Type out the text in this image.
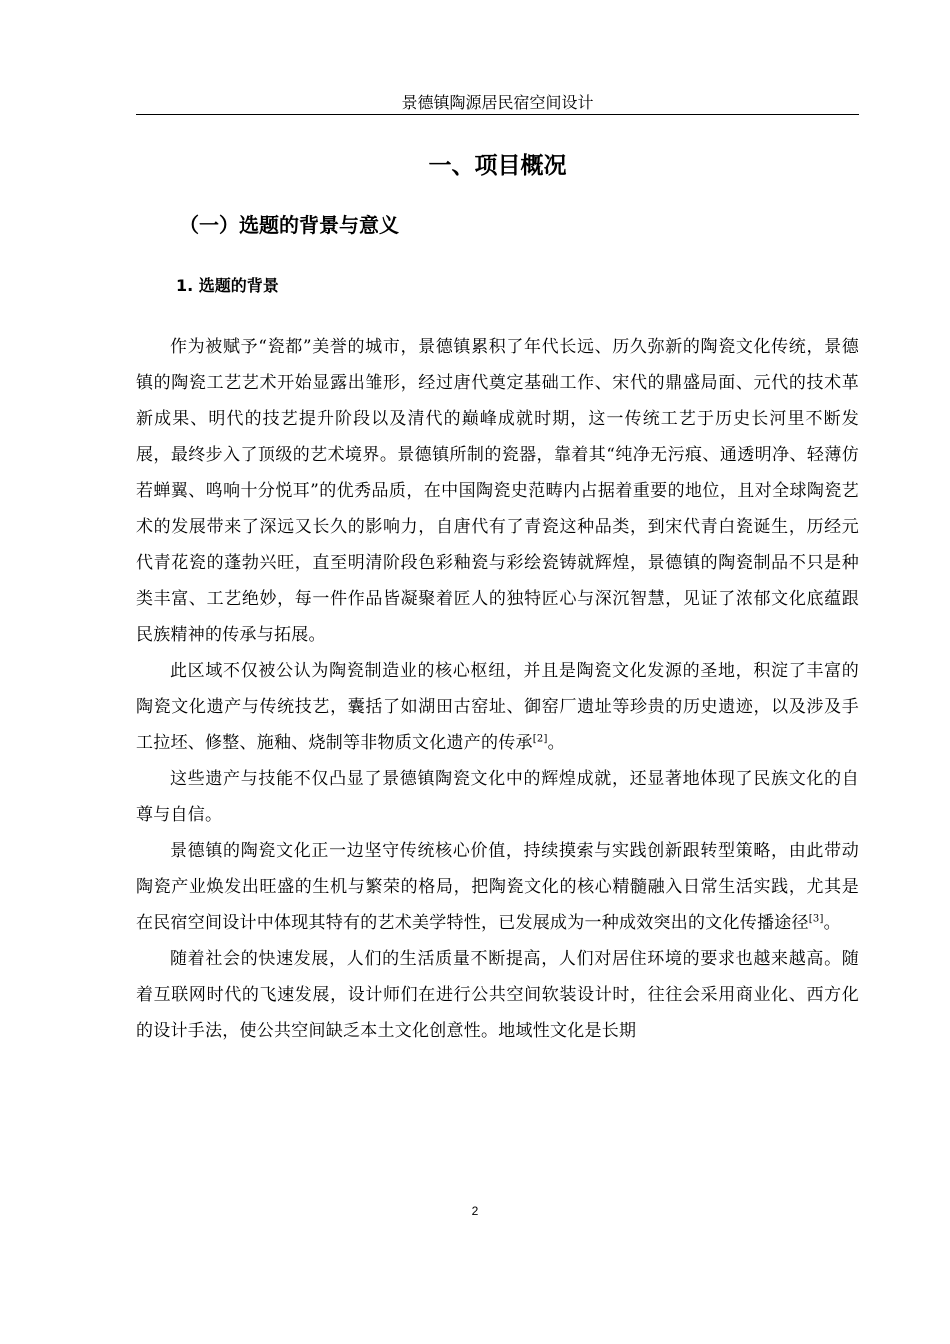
景德镇陶源居民宿空间设计
一、项目概况
（一）选题的背景与意义
1. 选题的背景

作为被赋予“瓷都”美誉的城市，景德镇累积了年代长远、历久弥新的陶瓷文化传统，景德镇的陶瓷工艺艺术开始显露出雏形，经过唐代奠定基础工作、宋代的鼎盛局面、元代的技术革新成果、明代的技艺提升阶段以及清代的巅峰成就时期，这一传统工艺于历史长河里不断发展，最终步入了顶级的艺术境界。景德镇所制的瓷器，靠着其“纯净无污痕、通透明净、轻薄仿若蝉翼、鸣响十分悦耳”的优秀品质，在中国陶瓷史范畴内占据着重要的地位，且对全球陶瓷艺术的发展带来了深远又长久的影响力，自唐代有了青瓷这种品类，到宋代青白瓷诞生，历经元代青花瓷的蓬勃兴旺，直至明清阶段色彩釉瓷与彩绘瓷铸就辉煌，景德镇的陶瓷制品不只是种类丰富、工艺绝妙，每一件作品皆凝聚着匠人的独特匠心与深沉智慧，见证了浓郁文化底蕴跟民族精神的传承与拓展。

此区域不仅被公认为陶瓷制造业的核心枢纽，并且是陶瓷文化发源的圣地，积淀了丰富的陶瓷文化遗产与传统技艺，囊括了如湖田古窑址、御窑厂遗址等珍贵的历史遗迹，以及涉及手工拉坯、修整、施釉、烧制等非物质文化遗产的传承[2]。

这些遗产与技能不仅凸显了景德镇陶瓷文化中的辉煌成就，还显著地体现了民族文化的自尊与自信。

景德镇的陶瓷文化正一边坚守传统核心价值，持续摸索与实践创新跟转型策略，由此带动陶瓷产业焕发出旺盛的生机与繁荣的格局，把陶瓷文化的核心精髓融入日常生活实践，尤其是在民宿空间设计中体现其特有的艺术美学特性，已发展成为一种成效突出的文化传播途径[3]。

随着社会的快速发展，人们的生活质量不断提高，人们对居住环境的要求也越来越高。随着互联网时代的飞速发展，设计师们在进行公共空间软装设计时，往往会采用商业化、西方化的设计手法，使公共空间缺乏本土文化创意性。地域性文化是长期

2
